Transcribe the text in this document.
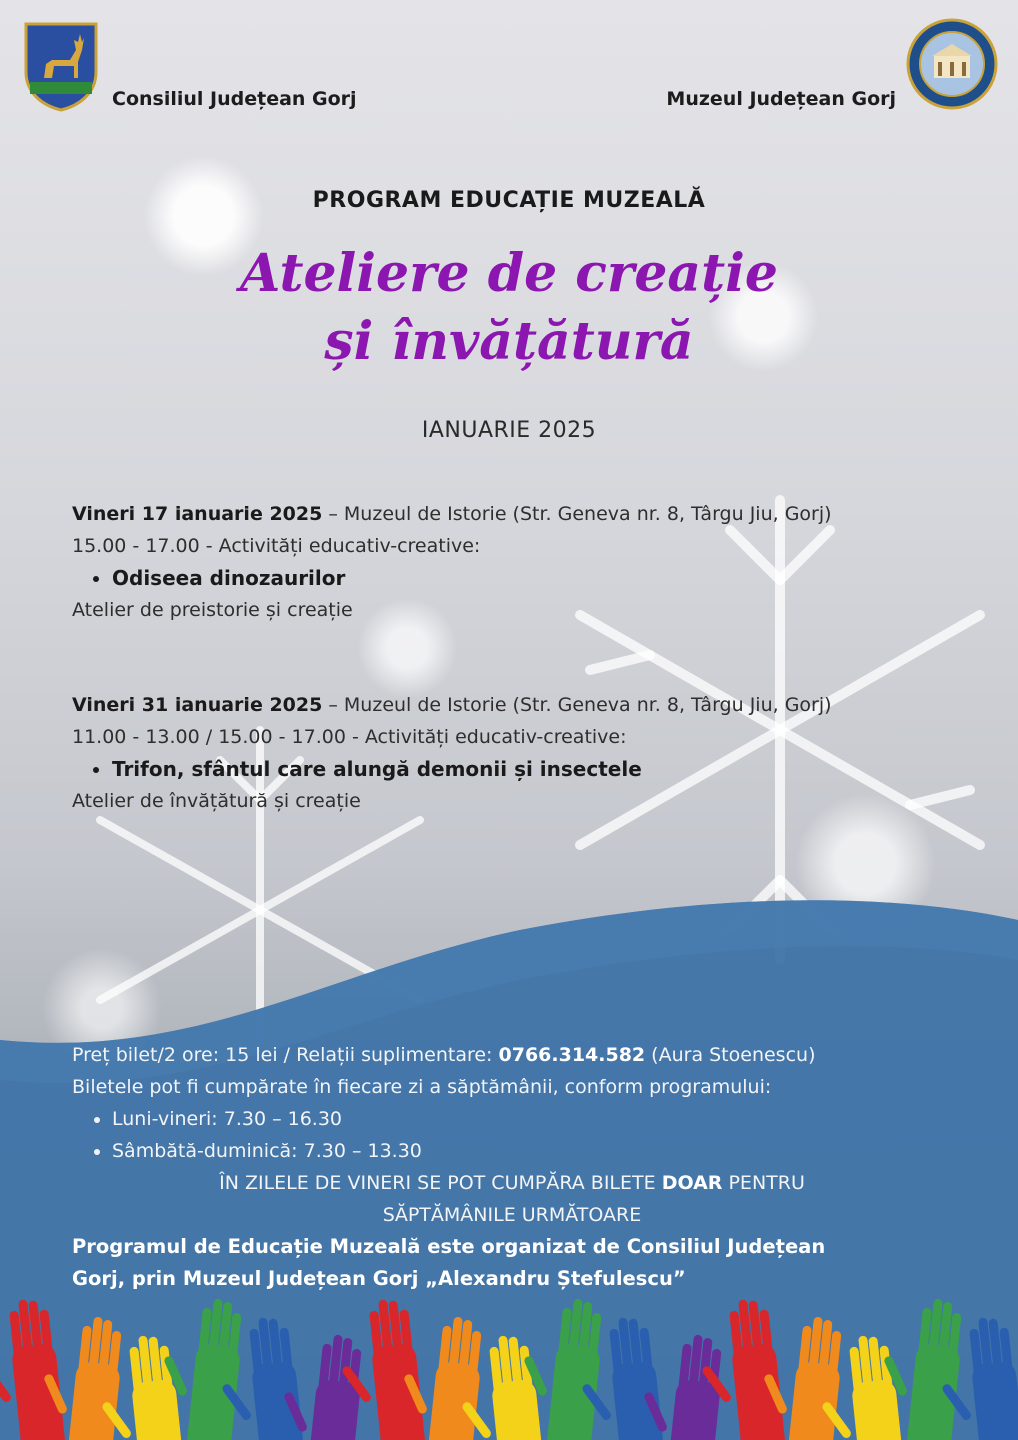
Consiliul Județean Gorj	Muzeul Județean Gorj
PROGRAM EDUCAȚIE MUZEALĂ
Ateliere de creație
și învățătură
IANUARIE 2025
Vineri 17 ianuarie 2025 – Muzeul de Istorie (Str. Geneva nr. 8, Târgu Jiu, Gorj)
15.00 - 17.00 - Activități educativ-creative:
• Odiseea dinozaurilor
Atelier de preistorie și creație
Vineri 31 ianuarie 2025 – Muzeul de Istorie (Str. Geneva nr. 8, Târgu Jiu, Gorj)
11.00 - 13.00 / 15.00 - 17.00 - Activități educativ-creative:
• Trifon, sfântul care alungă demonii și insectele
Atelier de învățătură și creație
Preț bilet/2 ore: 15 lei / Relații suplimentare: 0766.314.582 (Aura Stoenescu)
Biletele pot fi cumpărate în fiecare zi a săptămânii, conform programului:
• Luni-vineri: 7.30 – 16.30
• Sâmbătă-duminică: 7.30 – 13.30
ÎN ZILELE DE VINERI SE POT CUMPĂRA BILETE DOAR PENTRU
SĂPTĂMÂNILE URMĂTOARE
Programul de Educație Muzeală este organizat de Consiliul Județean
Gorj, prin Muzeul Județean Gorj „Alexandru Ștefulescu”
